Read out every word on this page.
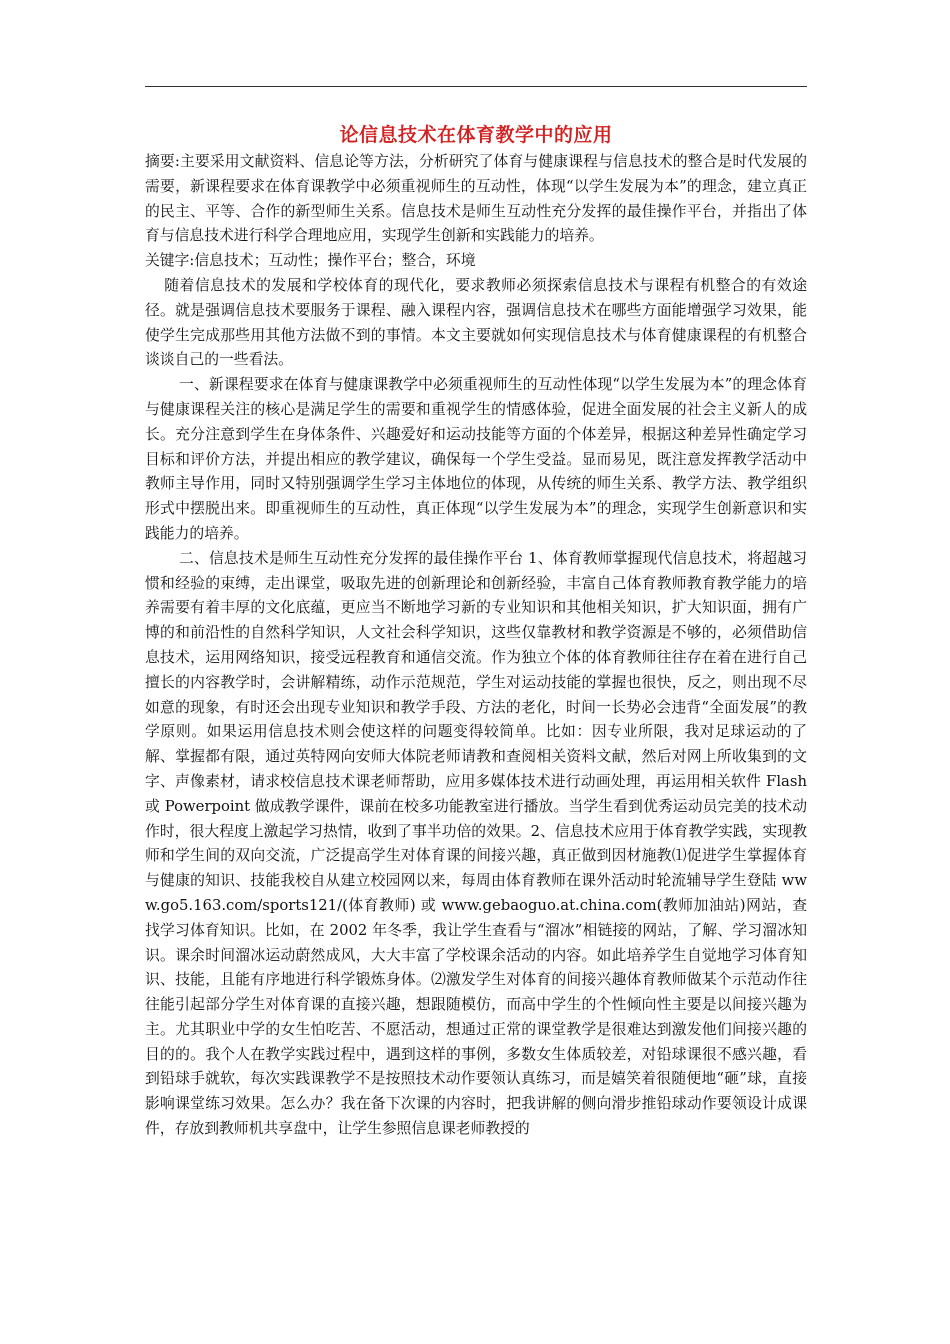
论信息技术在体育教学中的应用

摘要:主要采用文献资料、信息论等方法，分析研究了体育与健康课程与信息技术的整合是时代发展的需要，新课程要求在体育课教学中必须重视师生的互动性，体现“以学生发展为本”的理念，建立真正的民主、平等、合作的新型师生关系。信息技术是师生互动性充分发挥的最佳操作平台，并指出了体育与信息技术进行科学合理地应用，实现学生创新和实践能力的培养。

关键字:信息技术；互动性；操作平台；整合，环境

随着信息技术的发展和学校体育的现代化，要求教师必须探索信息技术与课程有机整合的有效途径。就是强调信息技术要服务于课程、融入课程内容，强调信息技术在哪些方面能增强学习效果，能使学生完成那些用其他方法做不到的事情。本文主要就如何实现信息技术与体育健康课程的有机整合谈谈自己的一些看法。

一、新课程要求在体育与健康课教学中必须重视师生的互动性体现“以学生发展为本”的理念体育与健康课程关注的核心是满足学生的需要和重视学生的情感体验，促进全面发展的社会主义新人的成长。充分注意到学生在身体条件、兴趣爱好和运动技能等方面的个体差异，根据这种差异性确定学习目标和评价方法，并提出相应的教学建议，确保每一个学生受益。显而易见，既注意发挥教学活动中教师主导作用，同时又特别强调学生学习主体地位的体现，从传统的师生关系、教学方法、教学组织形式中摆脱出来。即重视师生的互动性，真正体现“以学生发展为本”的理念，实现学生创新意识和实践能力的培养。

二、信息技术是师生互动性充分发挥的最佳操作平台 1、体育教师掌握现代信息技术，将超越习惯和经验的束缚，走出课堂，吸取先进的创新理论和创新经验，丰富自己体育教师教育教学能力的培养需要有着丰厚的文化底蕴，更应当不断地学习新的专业知识和其他相关知识，扩大知识面，拥有广博的和前沿性的自然科学知识，人文社会科学知识，这些仅靠教材和教学资源是不够的，必须借助信息技术，运用网络知识，接受远程教育和通信交流。作为独立个体的体育教师往往存在着在进行自己擅长的内容教学时，会讲解精练，动作示范规范，学生对运动技能的掌握也很快，反之，则出现不尽如意的现象，有时还会出现专业知识和教学手段、方法的老化，时间一长势必会违背“全面发展”的教学原则。如果运用信息技术则会使这样的问题变得较简单。比如：因专业所限，我对足球运动的了解、掌握都有限，通过英特网向安师大体院老师请教和查阅相关资料文献，然后对网上所收集到的文字、声像素材，请求校信息技术课老师帮助，应用多媒体技术进行动画处理，再运用相关软件 Flash 或 Powerpoint 做成教学课件，课前在校多功能教室进行播放。当学生看到优秀运动员完美的技术动作时，很大程度上激起学习热情，收到了事半功倍的效果。2、信息技术应用于体育教学实践，实现教师和学生间的双向交流，广泛提高学生对体育课的间接兴趣，真正做到因材施教⑴促进学生掌握体育与健康的知识、技能我校自从建立校园网以来，每周由体育教师在课外活动时轮流辅导学生登陆 www.go5.163.com/sports121/(体育教师) 或 www.gebaoguo.at.china.com(教师加油站)网站，查找学习体育知识。比如，在 2002 年冬季，我让学生查看与“溜冰”相链接的网站，了解、学习溜冰知识。课余时间溜冰运动蔚然成风，大大丰富了学校课余活动的内容。如此培养学生自觉地学习体育知识、技能，且能有序地进行科学锻炼身体。⑵激发学生对体育的间接兴趣体育教师做某个示范动作往往能引起部分学生对体育课的直接兴趣，想跟随模仿，而高中学生的个性倾向性主要是以间接兴趣为主。尤其职业中学的女生怕吃苦、不愿活动，想通过正常的课堂教学是很难达到激发他们间接兴趣的目的的。我个人在教学实践过程中，遇到这样的事例，多数女生体质较差，对铅球课很不感兴趣，看到铅球手就软，每次实践课教学不是按照技术动作要领认真练习，而是嬉笑着很随便地“砸”球，直接影响课堂练习效果。怎么办？我在备下次课的内容时，把我讲解的侧向滑步推铅球动作要领设计成课件，存放到教师机共享盘中，让学生参照信息课老师教授的
